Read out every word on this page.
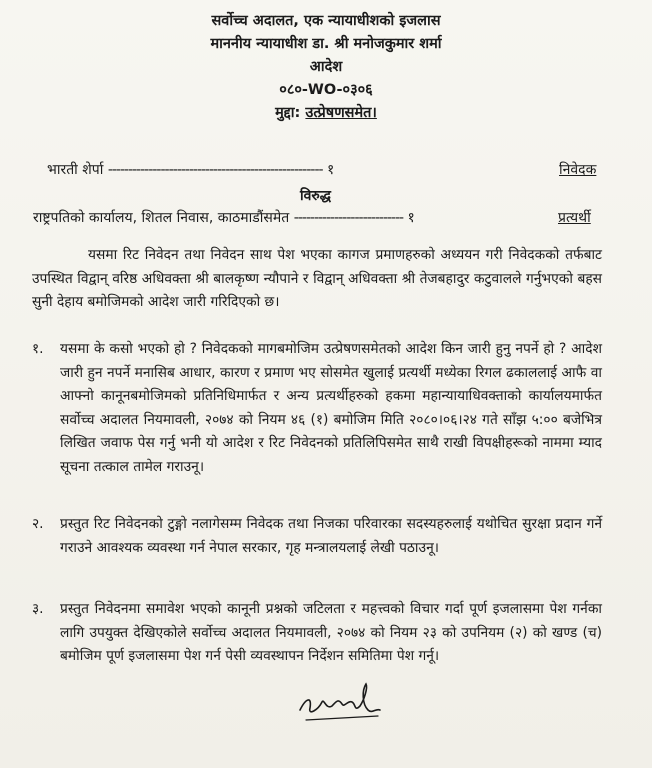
सर्वोच्च अदालत, एक न्यायाधीशको इजलास
माननीय न्यायाधीश डा. श्री मनोजकुमार शर्मा
आदेश
०८०-WO-०३०६
मुद्दा: उत्प्रेषणसमेत।
भारती शेर्पा ----------------------------------------------------- १	निवेदक
विरुद्ध
राष्ट्रपतिको कार्यालय, शितल निवास, काठमाडौंसमेत --------------------------- १	प्रत्यर्थी
यसमा रिट निवेदन तथा निवेदन साथ पेश भएका कागज प्रमाणहरुको अध्ययन गरी निवेदकको तर्फबाट उपस्थित विद्वान् वरिष्ठ अधिवक्ता श्री बालकृष्ण न्यौपाने र विद्वान् अधिवक्ता श्री तेजबहादुर कटुवालले गर्नुभएको बहस सुनी देहाय बमोजिमको आदेश जारी गरिदिएको छ।
१.	यसमा के कसो भएको हो ? निवेदकको मागबमोजिम उत्प्रेषणसमेतको आदेश किन जारी हुनु नपर्ने हो ? आदेश जारी हुन नपर्ने मनासिब आधार, कारण र प्रमाण भए सोसमेत खुलाई प्रत्यर्थी मध्येका रिगल ढकाललाई आफै वा आफ्नो कानूनबमोजिमको प्रतिनिधिमार्फत र अन्य प्रत्यर्थीहरुको हकमा महान्यायाधिवक्ताको कार्यालयमार्फत सर्वोच्च अदालत नियमावली, २०७४ को नियम ४६ (१) बमोजिम मिति २०८०।०६।२४ गते साँझ ५:०० बजेभित्र लिखित जवाफ पेस गर्नु भनी यो आदेश र रिट निवेदनको प्रतिलिपिसमेत साथै राखी विपक्षीहरूको नाममा म्याद सूचना तत्काल तामेल गराउनू।
२.	प्रस्तुत रिट निवेदनको टुङ्गो नलागेसम्म निवेदक तथा निजका परिवारका सदस्यहरुलाई यथोचित सुरक्षा प्रदान गर्ने गराउने आवश्यक व्यवस्था गर्न नेपाल सरकार, गृह मन्त्रालयलाई लेखी पठाउनू।
३.	प्रस्तुत निवेदनमा समावेश भएको कानूनी प्रश्नको जटिलता र महत्त्वको विचार गर्दा पूर्ण इजलासमा पेश गर्नका लागि उपयुक्त देखिएकोले सर्वोच्च अदालत नियमावली, २०७४ को नियम २३ को उपनियम (२) को खण्ड (च) बमोजिम पूर्ण इजलासमा पेश गर्न पेसी व्यवस्थापन निर्देशन समितिमा पेश गर्नू।
